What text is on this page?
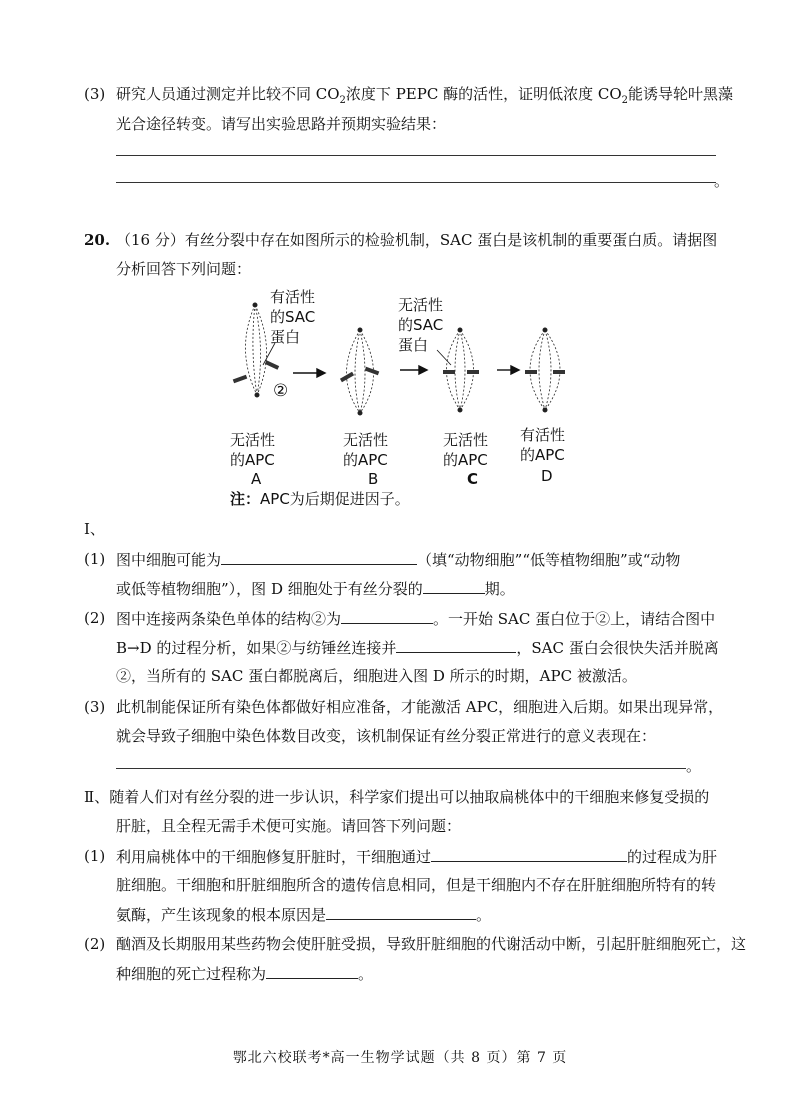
(3) 研究人员通过测定并比较不同 $CO_2$浓度下 PEPC 酶的活性，证明低浓度 $CO_2$能诱导轮叶黑藻
光合途径转变。请写出实验思路并预期实验结果：
。
20. （16 分）有丝分裂中存在如图所示的检验机制，SAC 蛋白是该机制的重要蛋白质。请据图
分析回答下列问题：
有活性
的SAC
蛋白
无活性
的SAC
蛋白
②
无活性
的APC
A
无活性
的APC
B
无活性
的APC
C
有活性
的APC
D
注：APC为后期促进因子。
I、
(1) 图中细胞可能为	（填“动物细胞”“低等植物细胞”或“动物
或低等植物细胞”），图 D 细胞处于有丝分裂的	期。
(2) 图中连接两条染色单体的结构②为	。一开始 SAC 蛋白位于②上，请结合图中
B→D 的过程分析，如果②与纺锤丝连接并	，SAC 蛋白会很快失活并脱离
②，当所有的 SAC 蛋白都脱离后，细胞进入图 D 所示的时期，APC 被激活。
(3) 此机制能保证所有染色体都做好相应准备，才能激活 APC，细胞进入后期。如果出现异常，
就会导致子细胞中染色体数目改变，该机制保证有丝分裂正常进行的意义表现在：
。
Ⅱ、随着人们对有丝分裂的进一步认识，科学家们提出可以抽取扁桃体中的干细胞来修复受损的
肝脏，且全程无需手术便可实施。请回答下列问题：
(1) 利用扁桃体中的干细胞修复肝脏时，干细胞通过	的过程成为肝
脏细胞。干细胞和肝脏细胞所含的遗传信息相同，但是干细胞内不存在肝脏细胞所特有的转
氨酶，产生该现象的根本原因是	。
(2) 酗酒及长期服用某些药物会使肝脏受损，导致肝脏细胞的代谢活动中断，引起肝脏细胞死亡，这
种细胞的死亡过程称为	。
鄂北六校联考*高一生物学试题（共 8 页）第 7 页
